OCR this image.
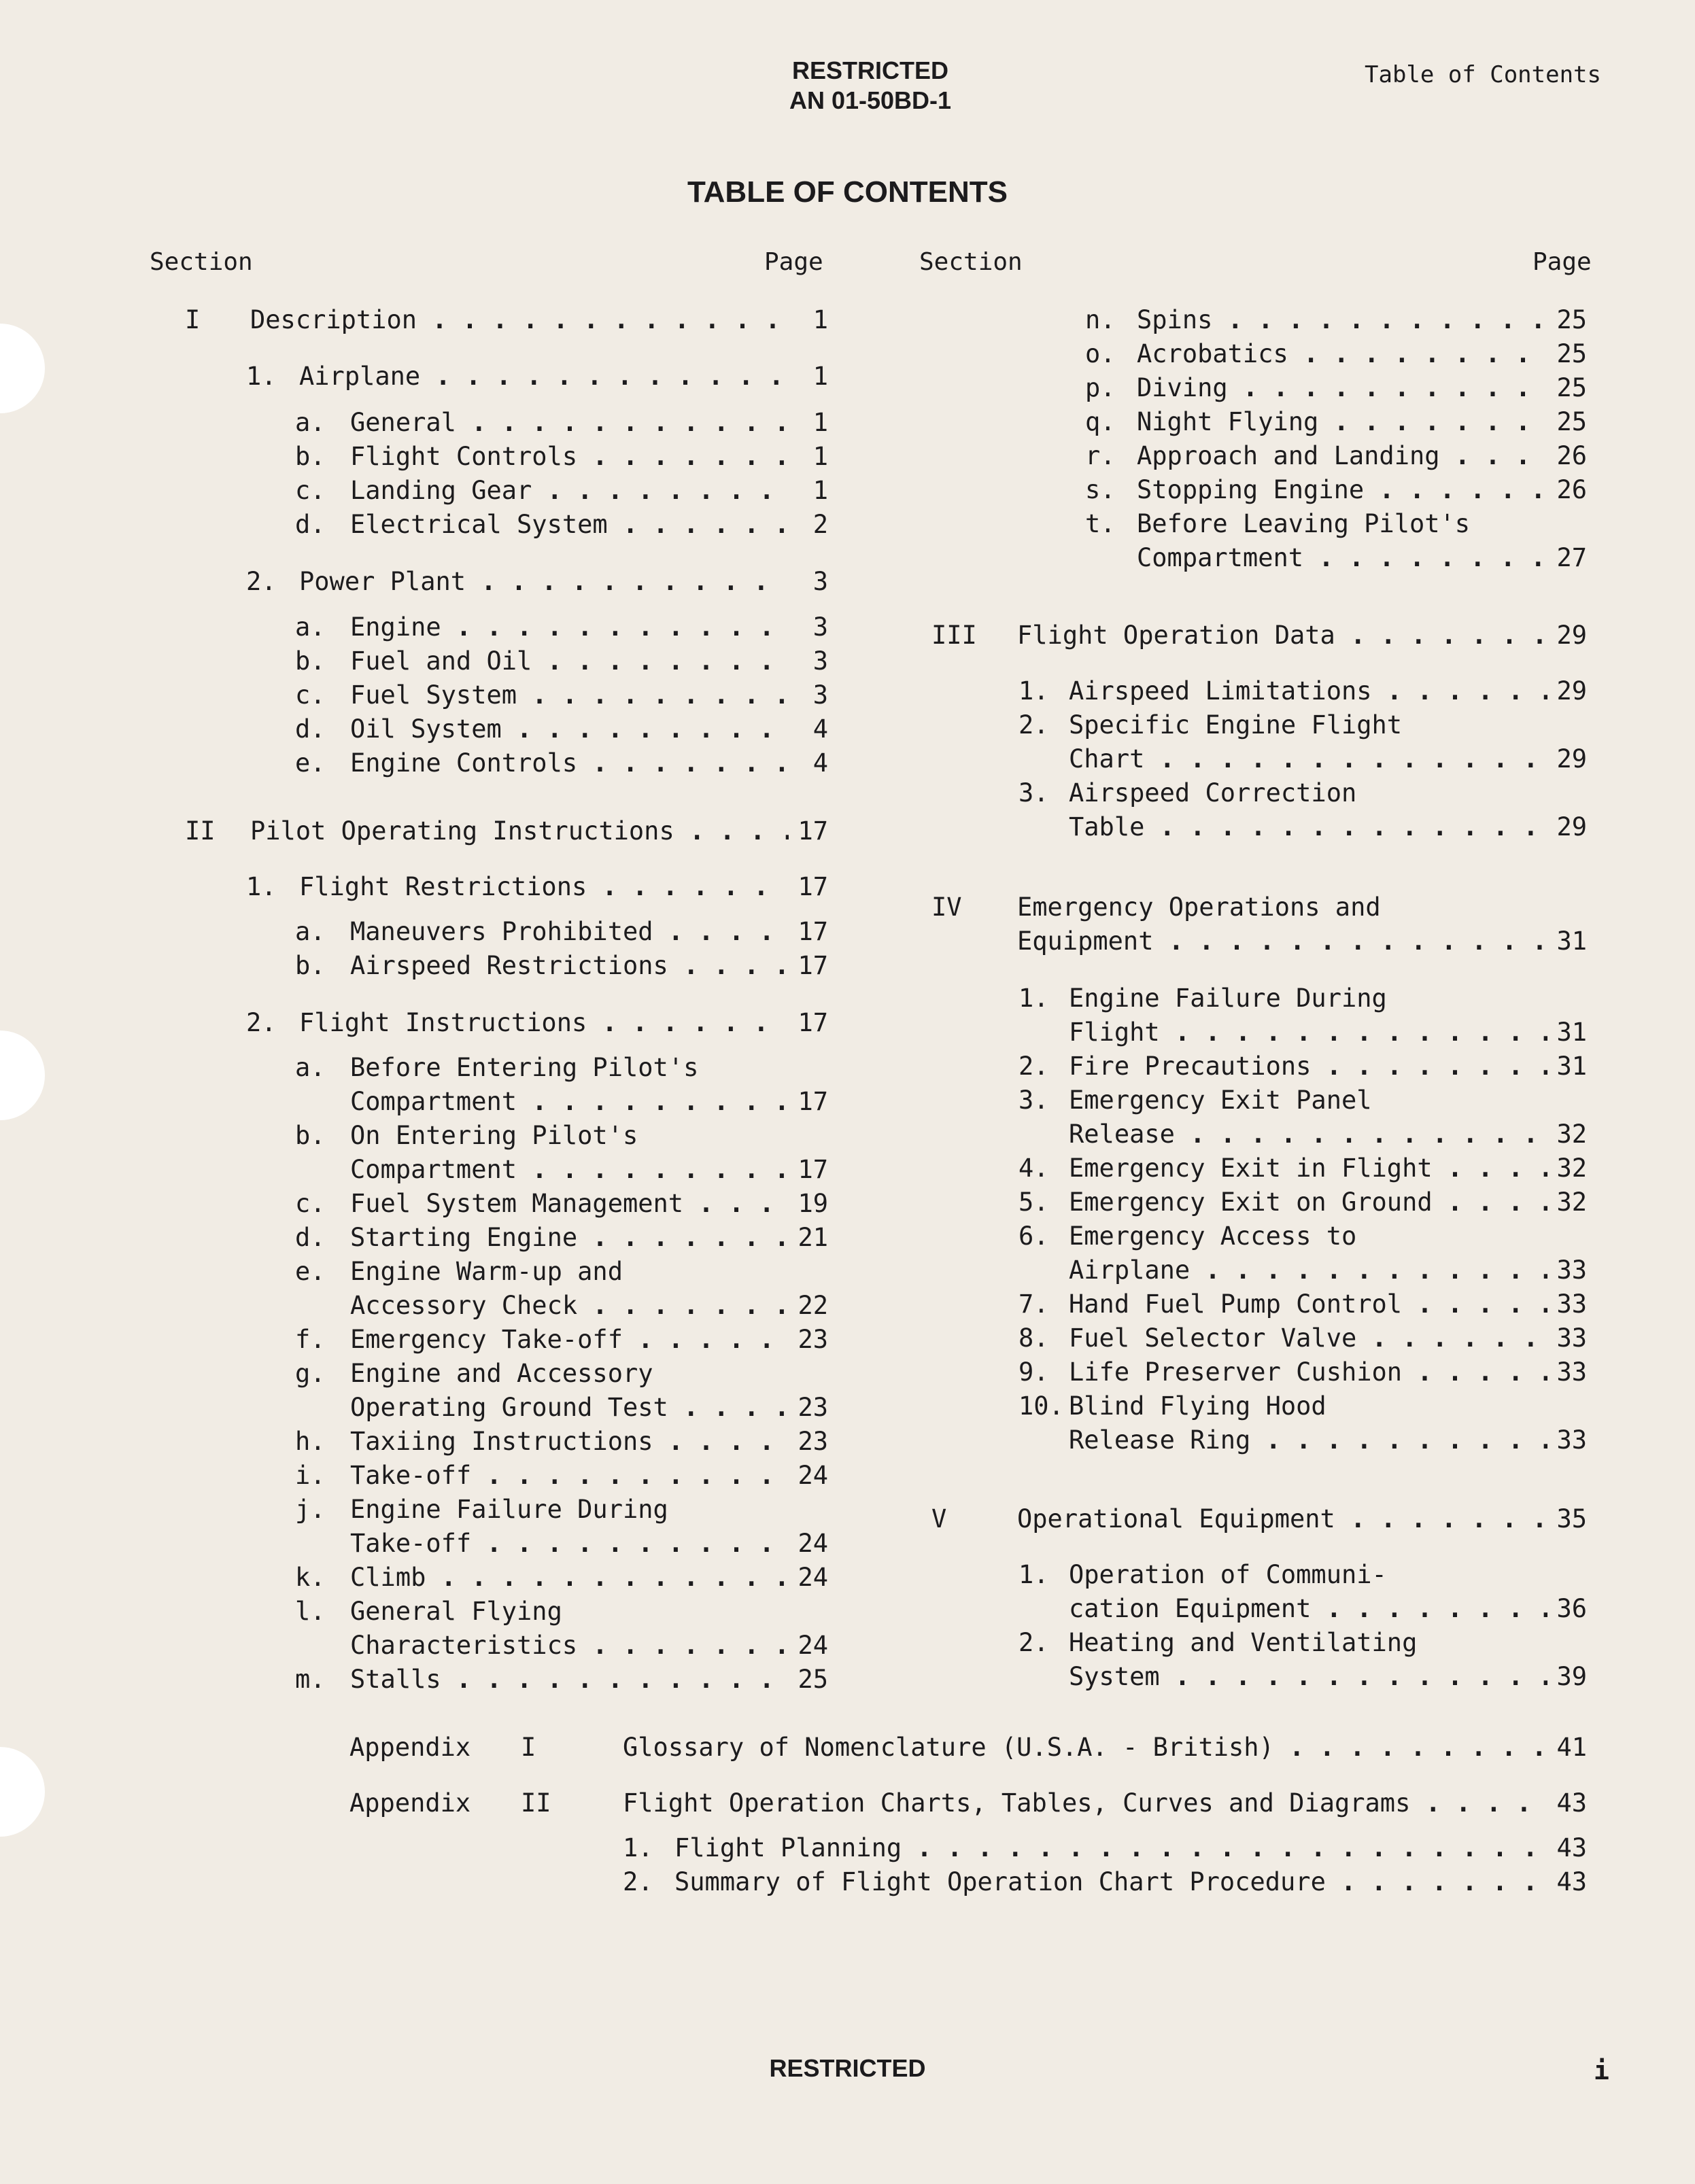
RESTRICTED
AN 01-50BD-1
Table of Contents
TABLE OF CONTENTS
Section	Page	Section	Page
I Description . . .	1
1. Airplane . . .	1
a. General . . .	1
b. Flight Controls . . .	1
c. Landing Gear . . .	1
d. Electrical System . . .	2
2. Power Plant . . .	3
a. Engine . . .	3
b. Fuel and Oil . . .	3
c. Fuel System . . .	3
d. Oil System . . .	4
e. Engine Controls . . .	4
II Pilot Operating Instructions . . .	17
1. Flight Restrictions . . .	17
a. Maneuvers Prohibited . . .	17
b. Airspeed Restrictions . . .	17
2. Flight Instructions . . .	17
a. Before Entering Pilot's
Compartment . . .	17
b. On Entering Pilot's
Compartment . . .	17
c. Fuel System Management . . .	19
d. Starting Engine . . .	21
e. Engine Warm-up and
Accessory Check . . .	22
f. Emergency Take-off . . .	23
g. Engine and Accessory
Operating Ground Test . . .	23
h. Taxiing Instructions . . .	23
i. Take-off . . .	24
j. Engine Failure During
Take-off . . .	24
k. Climb . . .	24
l. General Flying
Characteristics . . .	24
m. Stalls . . .	25
n. Spins . . .	25
o. Acrobatics . . .	25
p. Diving . . .	25
q. Night Flying . . .	25
r. Approach and Landing . . .	26
s. Stopping Engine . . .	26
t. Before Leaving Pilot's
Compartment . . .	27
III Flight Operation Data . . .	29
1. Airspeed Limitations . . .	29
2. Specific Engine Flight
Chart . . .	29
3. Airspeed Correction
Table . . .	29
IV Emergency Operations and
Equipment . . .	31
1. Engine Failure During
Flight . . .	31
2. Fire Precautions . . .	31
3. Emergency Exit Panel
Release . . .	32
4. Emergency Exit in Flight . . .	32
5. Emergency Exit on Ground . . .	32
6. Emergency Access to
Airplane . . .	33
7. Hand Fuel Pump Control . . .	33
8. Fuel Selector Valve . . .	33
9. Life Preserver Cushion . . .	33
10. Blind Flying Hood
Release Ring . . .	33
V	Operational Equipment . . .	35
1. Operation of Communi-
cation Equipment . . .	36
2. Heating and Ventilating
System . . .	39
Appendix I	Glossary of Nomenclature (U.S.A. - British) . . .	41
Appendix II	Flight Operation Charts, Tables, Curves and Diagrams . . .	43
1. Flight Planning . . .	43
2. Summary of Flight Operation Chart Procedure . . .	43
RESTRICTED	i
